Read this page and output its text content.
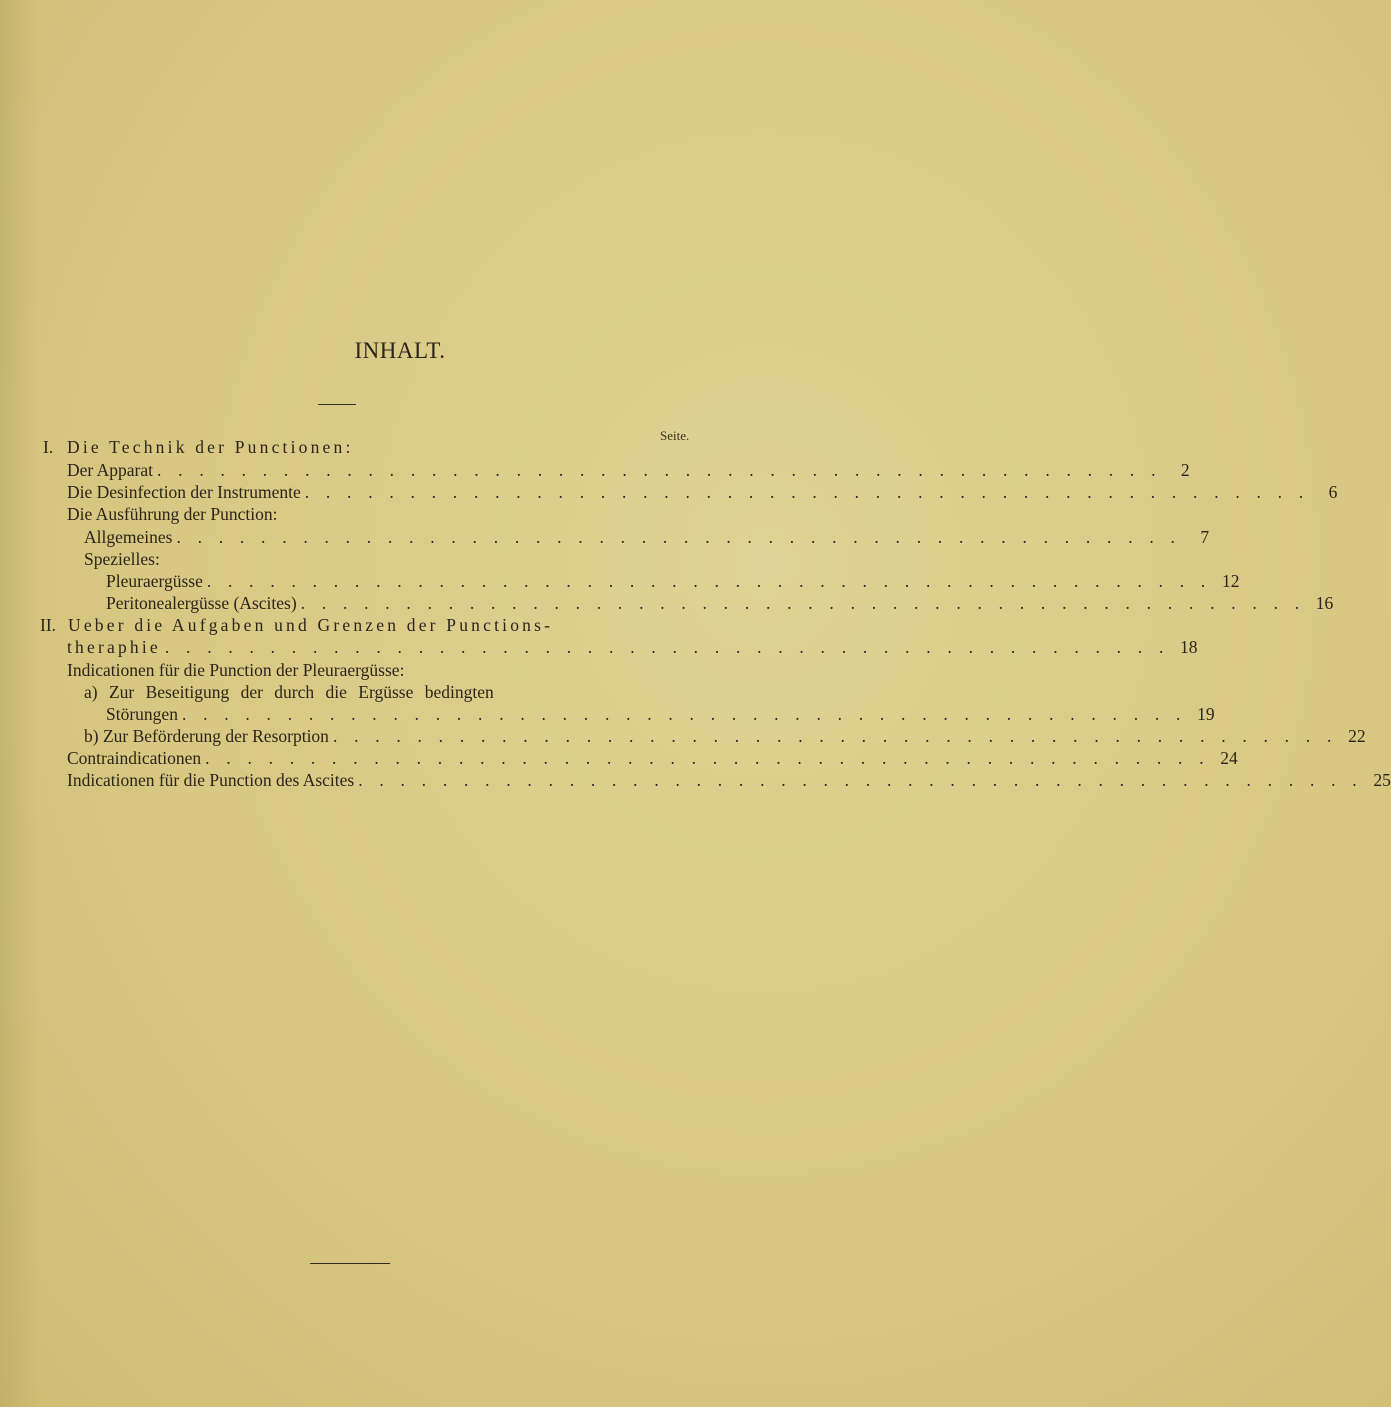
INHALT.
Seite.
I. Die Technik der Punctionen:
Der Apparat . . . . . . . . . . . . . . . . . . . . . . . . . . . . . . . . . . . . . . . . . . . . . . . .	2
Die Desinfection der Instrumente . . . . . . . . . . . . . . . . . . . . . . . . . . . . . . . . . . . . . . . . . . . . . . . .	6
Die Ausführung der Punction:
Allgemeines . . . . . . . . . . . . . . . . . . . . . . . . . . . . . . . . . . . . . . . . . . . . . . . .	7
Spezielles:
Pleuraergüsse . . . . . . . . . . . . . . . . . . . . . . . . . . . . . . . . . . . . . . . . . . . . . . . . 12
Peritonealergüsse (Ascites) . . . . . . . . . . . . . . . . . . . . . . . . . . . . . . . . . . . . . . . . . . . . . . . . 16
II. Ueber die Aufgaben und Grenzen der Punctions-
theraphie . . . . . . . . . . . . . . . . . . . . . . . . . . . . . . . . . . . . . . . . . . . . . . . . 18
Indicationen für die Punction der Pleuraergüsse:
a) Zur Beseitigung der durch die Ergüsse bedingten
Störungen . . . . . . . . . . . . . . . . . . . . . . . . . . . . . . . . . . . . . . . . . . . . . . . . 19
b) Zur Beförderung der Resorption . . . . . . . . . . . . . . . . . . . . . . . . . . . . . . . . . . . . . . . . . . . . . . . . 22
Contraindicationen . . . . . . . . . . . . . . . . . . . . . . . . . . . . . . . . . . . . . . . . . . . . . . . . 24
Indicationen für die Punction des Ascites . . . . . . . . . . . . . . . . . . . . . . . . . . . . . . . . . . . . . . . . . . . . . . . . 25
